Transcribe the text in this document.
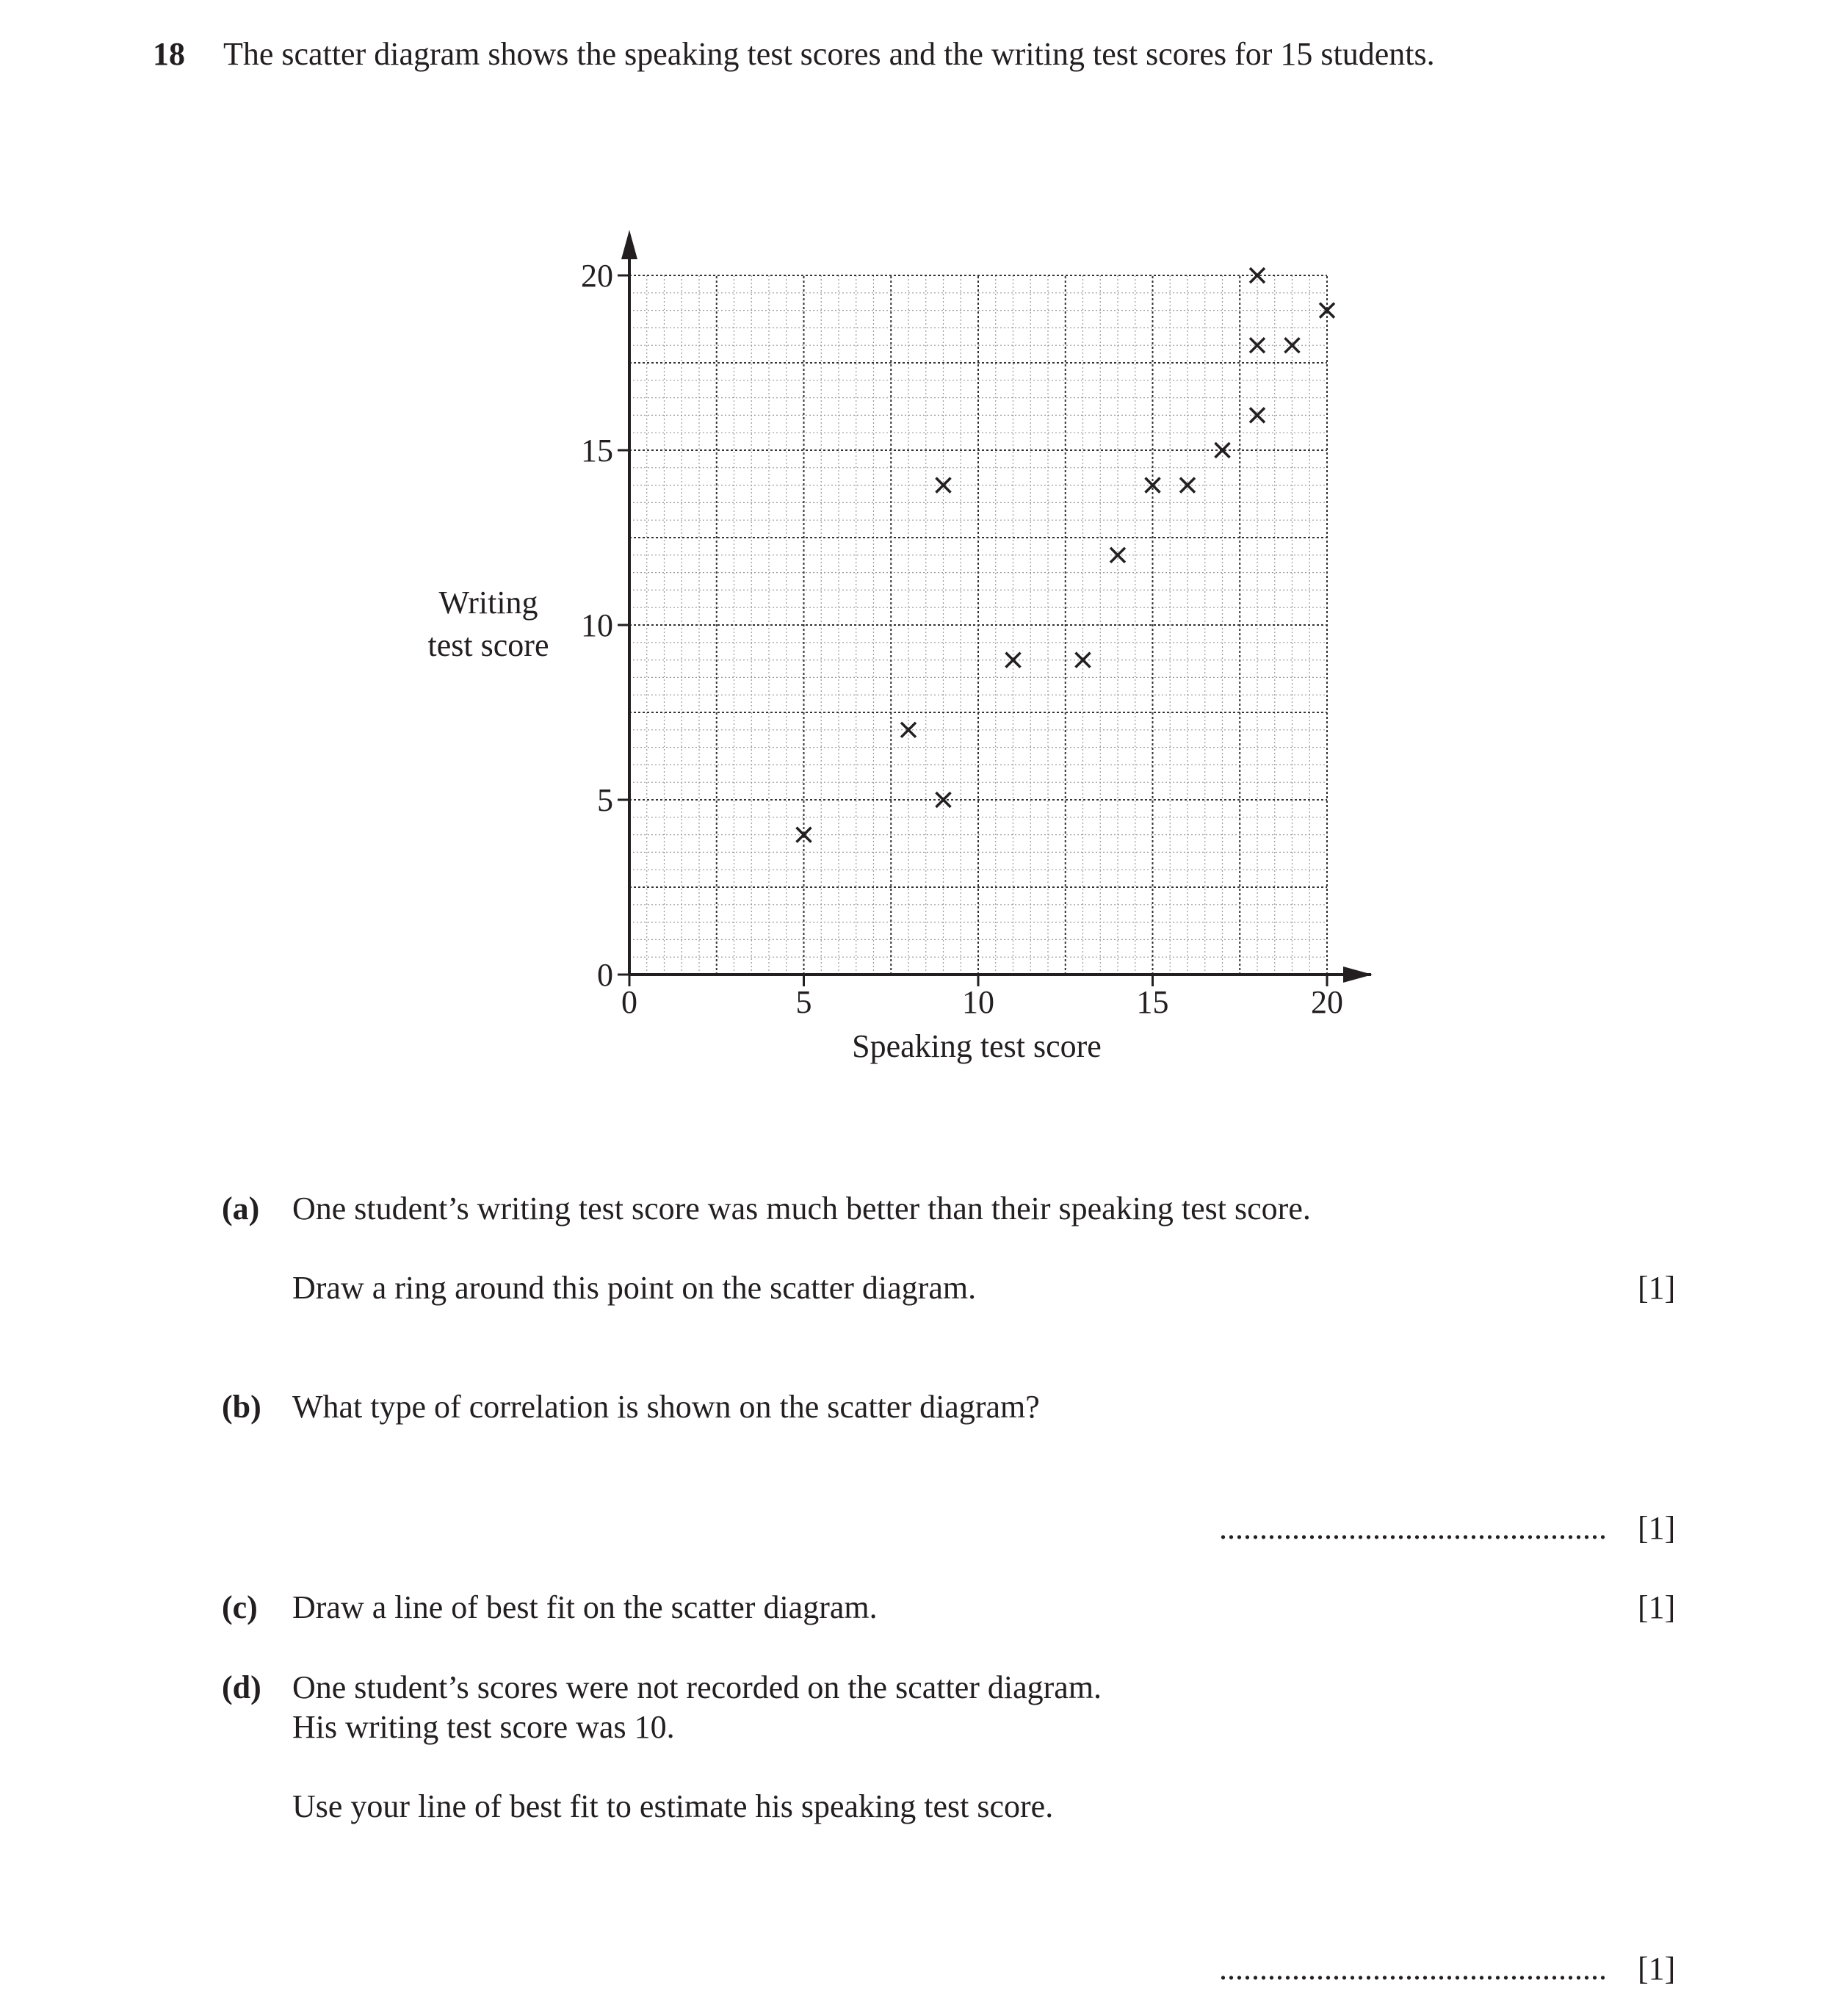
18 The scatter diagram shows the speaking test scores and the writing test scores for 15 students.
0	5	10	15	20
0
5
10
15
20
Writing
test score
Speaking test score
(a) One student’s writing test score was much better than their speaking test score.
Draw a ring around this point on the scatter diagram.	[1]
(b) What type of correlation is shown on the scatter diagram?
................................................ [1]
(c) Draw a line of best fit on the scatter diagram.	[1]
(d) One student’s scores were not recorded on the scatter diagram.
His writing test score was 10.
Use your line of best fit to estimate his speaking test score.
................................................ [1]
